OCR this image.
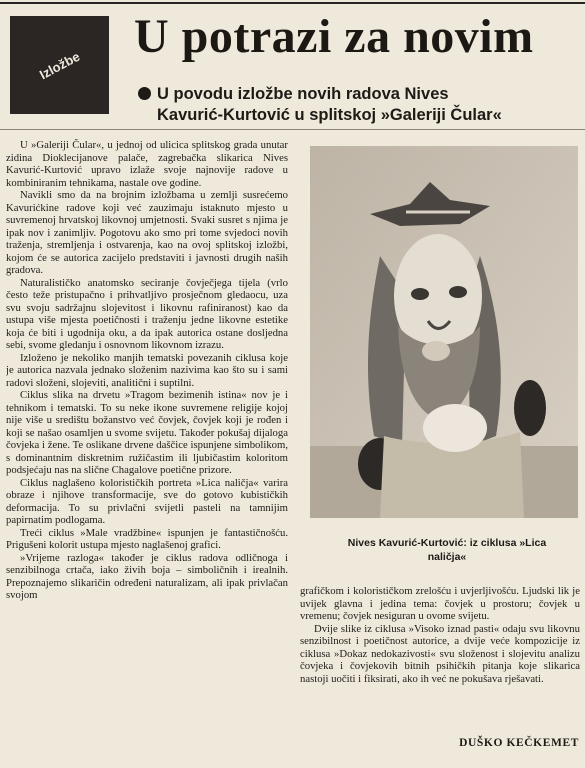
Izložbe
U potrazi za novim
U povodu izložbe novih radova Nives
Kavurić-Kurtović u splitskoj »Galeriji Čular«

U »Galeriji Čular«, u jednoj od ulicica splitskog grada unutar zidina Dioklecijanove palače, zagrebačka slikarica Nives Kavurić-Kurtović upravo izlaže svoje najnovije radove u kombiniranim tehnikama, nastale ove godine.

Navikli smo da na brojnim izložbama u zemlji susrećemo Kavurićkine radove koji već zauzimaju istaknuto mjesto u suvremenoj hrvatskoj likovnoj umjetnosti. Svaki susret s njima je ipak nov i zanimljiv. Pogotovu ako smo pri tome svjedoci novih traženja, stremljenja i ostvarenja, kao na ovoj splitskoj izložbi, kojom će se autorica zacijelo predstaviti i javnosti drugih naših gradova.

Naturalističko anatomsko seciranje čovječjega tijela (vrlo često teže pristupačno i prihvatljivo prosječnom gledaocu, uza svu svoju sadržajnu slojevitost i likovnu rafiniranost) kao da ustupa više mjesta poetičnosti i traženju jedne likovne estetike koja će biti i ugodnija oku, a da ipak autorica ostane dosljedna sebi, svome gledanju i osnovnom likovnom izrazu.

Izloženo je nekoliko manjih tematski povezanih ciklusa koje je autorica nazvala jednako složenim nazivima kao što su i sami radovi složeni, slojeviti, analitični i suptilni.

Ciklus slika na drvetu »Tragom bezimenih istina« nov je i tehnikom i tematski. To su neke ikone suvremene religije kojoj nije više u središtu božanstvo već čovjek, čovjek koji je rođen i koji se našao osamljen u svome svijetu. Također pokušaj dijaloga čovjeka i žene. Te oslikane drvene daščice ispunjene simbolikom, s dominantnim diskretnim ružičastim ili ljubičastim koloritom podsjećaju nas na slične Chagalove poetične prizore.

Ciklus naglašeno kolorističkih portreta »Lica naličja« varira obraze i njihove transformacije, sve do gotovo kubističkih deformacija. To su privlačni svijetli pasteli na tamnijim papirnatim podlogama.

Treći ciklus »Male vradžbine« ispunjen je fantastičnošću. Prigušeni kolorit ustupa mjesto naglašenoj grafici.

»Vrijeme razloga« također je ciklus radova odličnoga i senzibilnoga crtača, iako živih boja – simboličnih i irealnih. Prepoznajemo slikaričin određeni naturalizam, ali ipak privlačan svojom

Nives Kavurić-Kurtović: iz ciklusa »Lica
naličja«

grafičkom i kolorističkom zrelošću i uvjerljivošću. Ljudski lik je uvijek glavna i jedina tema: čovjek u prostoru; čovjek u vremenu; čovjek nesiguran u ovome svijetu.

Dvije slike iz ciklusa »Visoko iznad pasti« odaju svu likovnu senzibilnost i poetičnost autorice, a dvije veće kompozicije iz ciklusa »Dokaz nedokazivosti« svu složenost i slojevitu analizu čovjeka i čovjekovih bitnih psihičkih pitanja koje slikarica nastoji uočiti i fiksirati, ako ih već ne pokušava rješavati.

DUŠKO KEČKEMET
